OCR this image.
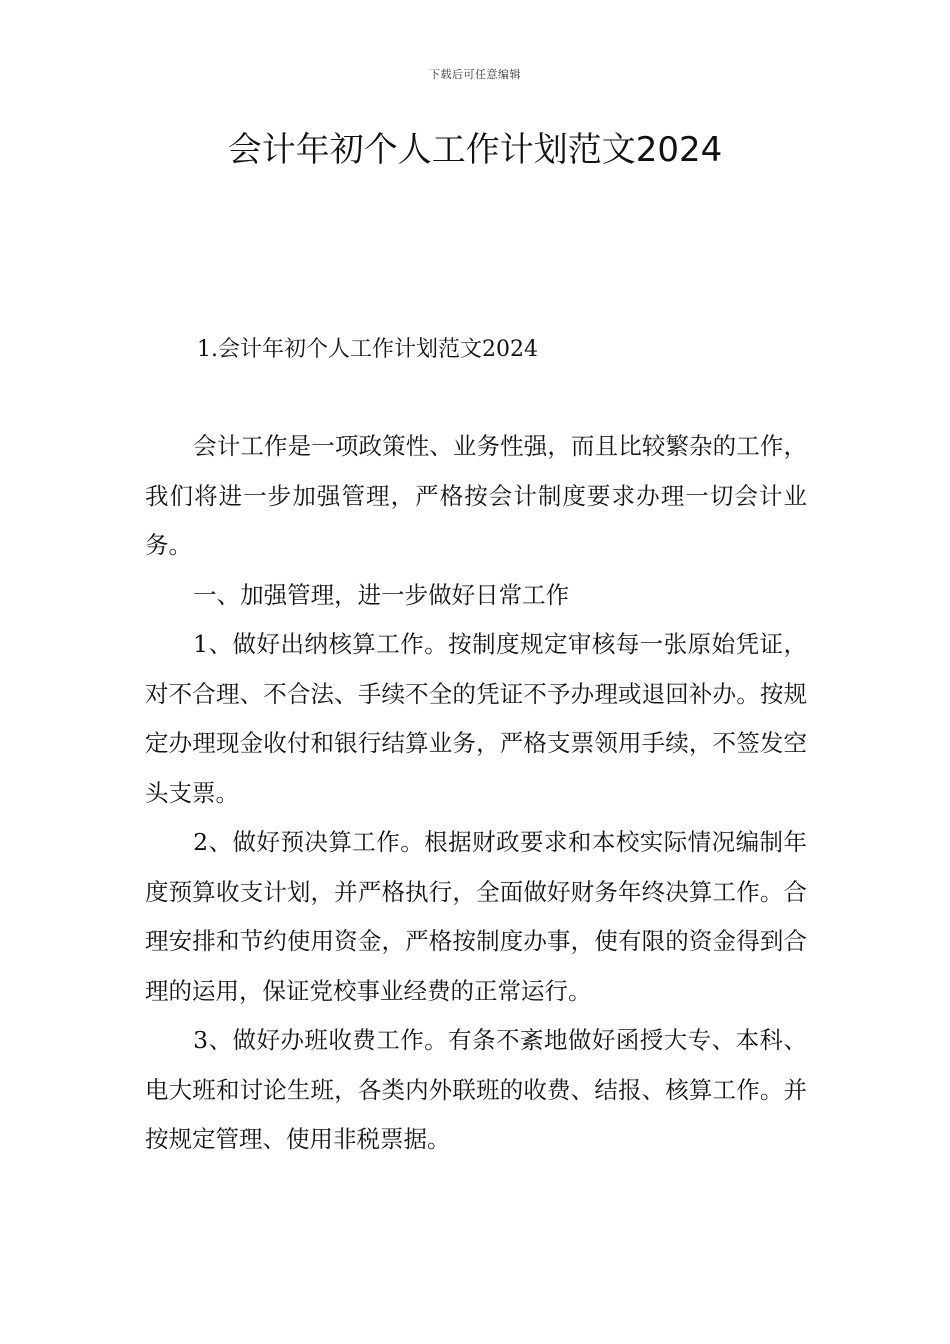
下载后可任意编辑
会计年初个人工作计划范文2024

1.会计年初个人工作计划范文2024

会计工作是一项政策性、业务性强，而且比较繁杂的工作，我们将进一步加强管理，严格按会计制度要求办理一切会计业务。

一、加强管理，进一步做好日常工作

1、做好出纳核算工作。按制度规定审核每一张原始凭证，对不合理、不合法、手续不全的凭证不予办理或退回补办。按规定办理现金收付和银行结算业务，严格支票领用手续，不签发空头支票。

2、做好预决算工作。根据财政要求和本校实际情况编制年度预算收支计划，并严格执行，全面做好财务年终决算工作。合理安排和节约使用资金，严格按制度办事，使有限的资金得到合理的运用，保证党校事业经费的正常运行。

3、做好办班收费工作。有条不紊地做好函授大专、本科、电大班和讨论生班，各类内外联班的收费、结报、核算工作。并按规定管理、使用非税票据。
